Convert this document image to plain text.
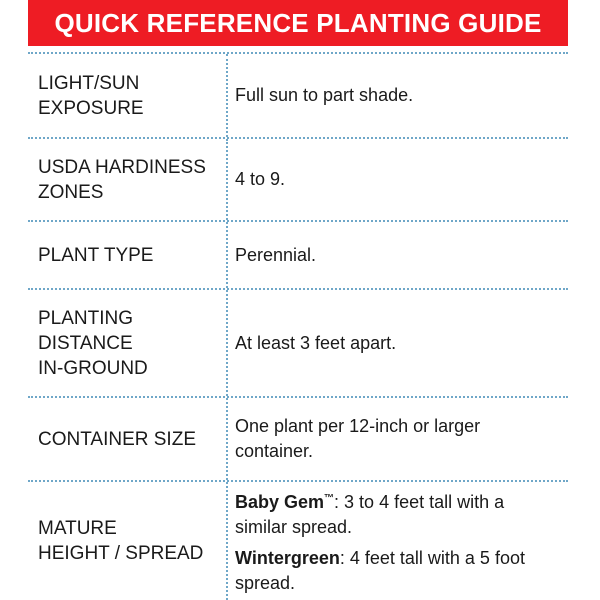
QUICK REFERENCE PLANTING GUIDE
LIGHT/SUN
EXPOSURE
Full sun to part shade.
USDA HARDINESS
ZONES
4 to 9.
PLANT TYPE	Perennial.
PLANTING
DISTANCE
IN-GROUND
At least 3 feet apart.
CONTAINER SIZE
One plant per 12-inch or larger container.
MATURE
HEIGHT / SPREAD
Baby Gem™: 3 to 4 feet tall with a similar spread.
Wintergreen: 4 feet tall with a 5 foot spread.
